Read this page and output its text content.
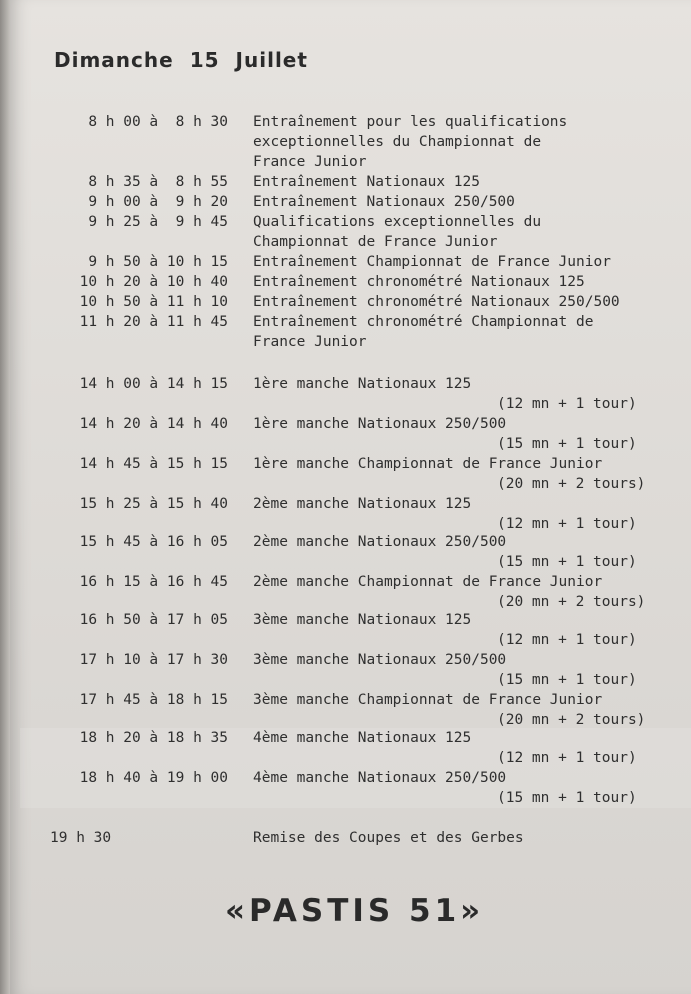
Dimanche 15 Juillet
8 h 00 à  8 h 30 Entraînement pour les qualifications
exceptionnelles du Championnat de
France Junior
8 h 35 à  8 h 55 Entraînement Nationaux 125
9 h 00 à  9 h 20 Entraînement Nationaux 250/500
9 h 25 à  9 h 45 Qualifications exceptionnelles du
Championnat de France Junior
9 h 50 à 10 h 15 Entraînement Championnat de France Junior
10 h 20 à 10 h 40 Entraînement chronométré Nationaux 125
10 h 50 à 11 h 10 Entraînement chronométré Nationaux 250/500
11 h 20 à 11 h 45 Entraînement chronométré Championnat de
France Junior
14 h 00 à 14 h 15 1ère manche Nationaux 125
(12 mn + 1 tour)
14 h 20 à 14 h 40 1ère manche Nationaux 250/500
(15 mn + 1 tour)
14 h 45 à 15 h 15 1ère manche Championnat de France Junior
(20 mn + 2 tours)
15 h 25 à 15 h 40 2ème manche Nationaux 125
(12 mn + 1 tour)
15 h 45 à 16 h 05 2ème manche Nationaux 250/500
(15 mn + 1 tour)
16 h 15 à 16 h 45 2ème manche Championnat de France Junior
(20 mn + 2 tours)
16 h 50 à 17 h 05 3ème manche Nationaux 125
(12 mn + 1 tour)
17 h 10 à 17 h 30 3ème manche Nationaux 250/500
(15 mn + 1 tour)
17 h 45 à 18 h 15 3ème manche Championnat de France Junior
(20 mn + 2 tours)
18 h 20 à 18 h 35 4ème manche Nationaux 125
(12 mn + 1 tour)
18 h 40 à 19 h 00 4ème manche Nationaux 250/500
(15 mn + 1 tour)
19 h 30	Remise des Coupes et des Gerbes
«PASTIS 51»
